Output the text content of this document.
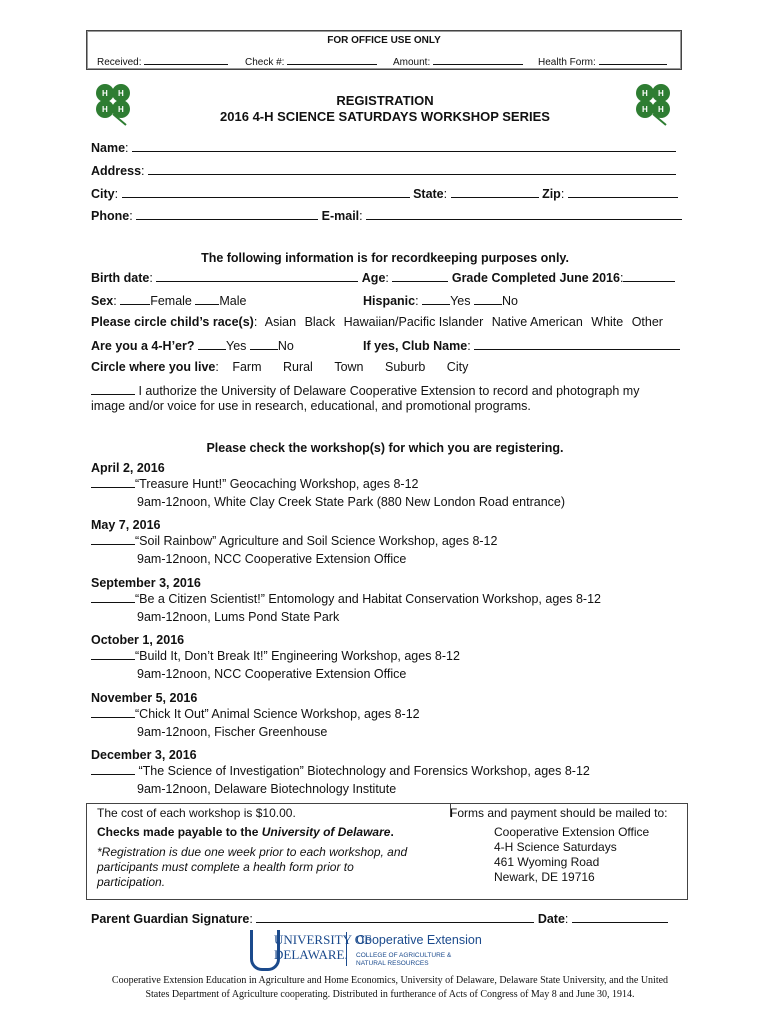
FOR OFFICE USE ONLY
Received:	Check #:	Amount:	Health Form:
H H
H H
H H
H H
REGISTRATION
2016 4-H SCIENCE SATURDAYS WORKSHOP SERIES
Name:
Address:
City:	State:	Zip:
Phone:	E-mail:
The following information is for recordkeeping purposes only.
Birth date:	Age:	Grade Completed June 2016:
Sex: Female Male	Hispanic: Yes	No
Please circle child’s race(s): Asian Black Hawaiian/Pacific Islander Native American White Other
Are you a 4-H’er?	Yes	No	If yes, Club Name:
Circle where you live: Farm Rural Town Suburb City
I authorize the University of Delaware Cooperative Extension to record and photograph my
image and/or voice for use in research, educational, and promotional programs.
Please check the workshop(s) for which you are registering.
April 2, 2016
“Treasure Hunt!” Geocaching Workshop, ages 8-12
9am-12noon, White Clay Creek State Park (880 New London Road entrance)
May 7, 2016
“Soil Rainbow” Agriculture and Soil Science Workshop, ages 8-12
9am-12noon, NCC Cooperative Extension Office
September 3, 2016
“Be a Citizen Scientist!” Entomology and Habitat Conservation Workshop, ages 8-12
9am-12noon, Lums Pond State Park
October 1, 2016
“Build It, Don’t Break It!” Engineering Workshop, ages 8-12
9am-12noon, NCC Cooperative Extension Office
November 5, 2016
“Chick It Out” Animal Science Workshop, ages 8-12
9am-12noon, Fischer Greenhouse
December 3, 2016
“The Science of Investigation” Biotechnology and Forensics Workshop, ages 8-12
9am-12noon, Delaware Biotechnology Institute
The cost of each workshop is $10.00.
Checks made payable to the University of Delaware.
*Registration is due one week prior to each workshop, and
participants must complete a health form prior to
participation.
Forms and payment should be mailed to:
Cooperative Extension Office
4-H Science Saturdays
461 Wyoming Road
Newark, DE 19716
Parent Guardian Signature:	Date:
UNIVERSITY OF
DELAWARE.
Cooperative Extension
COLLEGE OF AGRICULTURE &
NATURAL RESOURCES
Cooperative Extension Education in Agriculture and Home Economics, University of Delaware, Delaware State University, and the United
States Department of Agriculture cooperating. Distributed in furtherance of Acts of Congress of May 8 and June 30, 1914.
